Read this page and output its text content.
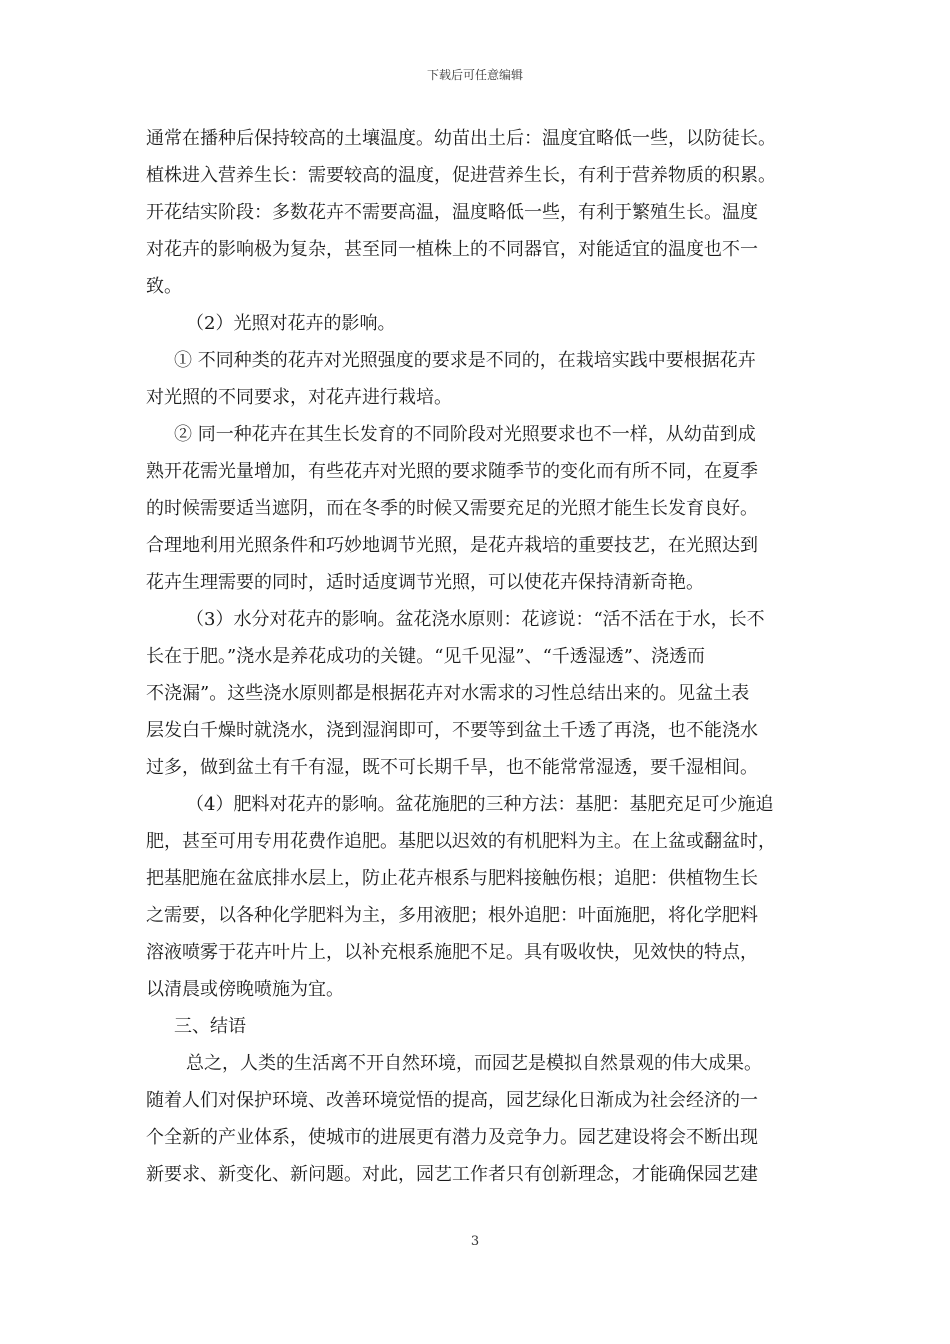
下载后可任意编辑
通常在播种后保持较高的土壤温度。幼苗出土后：温度宜略低一些，以防徒长。
植株进入营养生长：需要较高的温度，促进营养生长，有利于营养物质的积累。
开花结实阶段：多数花卉不需要高温，温度略低一些，有利于繁殖生长。温度
对花卉的影响极为复杂，甚至同一植株上的不同器官，对能适宜的温度也不一
致。
（2）光照对花卉的影响。
① 不同种类的花卉对光照强度的要求是不同的，在栽培实践中要根据花卉
对光照的不同要求，对花卉进行栽培。
② 同一种花卉在其生长发育的不同阶段对光照要求也不一样，从幼苗到成
熟开花需光量增加，有些花卉对光照的要求随季节的变化而有所不同，在夏季
的时候需要适当遮阴，而在冬季的时候又需要充足的光照才能生长发育良好。
合理地利用光照条件和巧妙地调节光照，是花卉栽培的重要技艺，在光照达到
花卉生理需要的同时，适时适度调节光照，可以使花卉保持清新奇艳。
（3）水分对花卉的影响。盆花浇水原则：花谚说：“活不活在于水，长不
长在于肥。”浇水是养花成功的关键。“见千见湿”、“千透湿透”、浇透而
不浇漏”。这些浇水原则都是根据花卉对水需求的习性总结出来的。见盆土表
层发白千燥时就浇水，浇到湿润即可，不要等到盆土千透了再浇，也不能浇水
过多，做到盆土有千有湿，既不可长期千旱，也不能常常湿透，要千湿相间。
（4）肥料对花卉的影响。盆花施肥的三种方法：基肥：基肥充足可少施追
肥，甚至可用专用花费作追肥。基肥以迟效的有机肥料为主。在上盆或翻盆时，
把基肥施在盆底排水层上，防止花卉根系与肥料接触伤根；追肥：供植物生长
之需要，以各种化学肥料为主，多用液肥；根外追肥：叶面施肥，将化学肥料
溶液喷雾于花卉叶片上，以补充根系施肥不足。具有吸收快，见效快的特点，
以清晨或傍晚喷施为宜。
三、结语
总之，人类的生活离不开自然环境，而园艺是模拟自然景观的伟大成果。
随着人们对保护环境、改善环境觉悟的提高，园艺绿化日渐成为社会经济的一
个全新的产业体系，使城市的进展更有潜力及竞争力。园艺建设将会不断出现
新要求、新变化、新问题。对此，园艺工作者只有创新理念，才能确保园艺建
3
